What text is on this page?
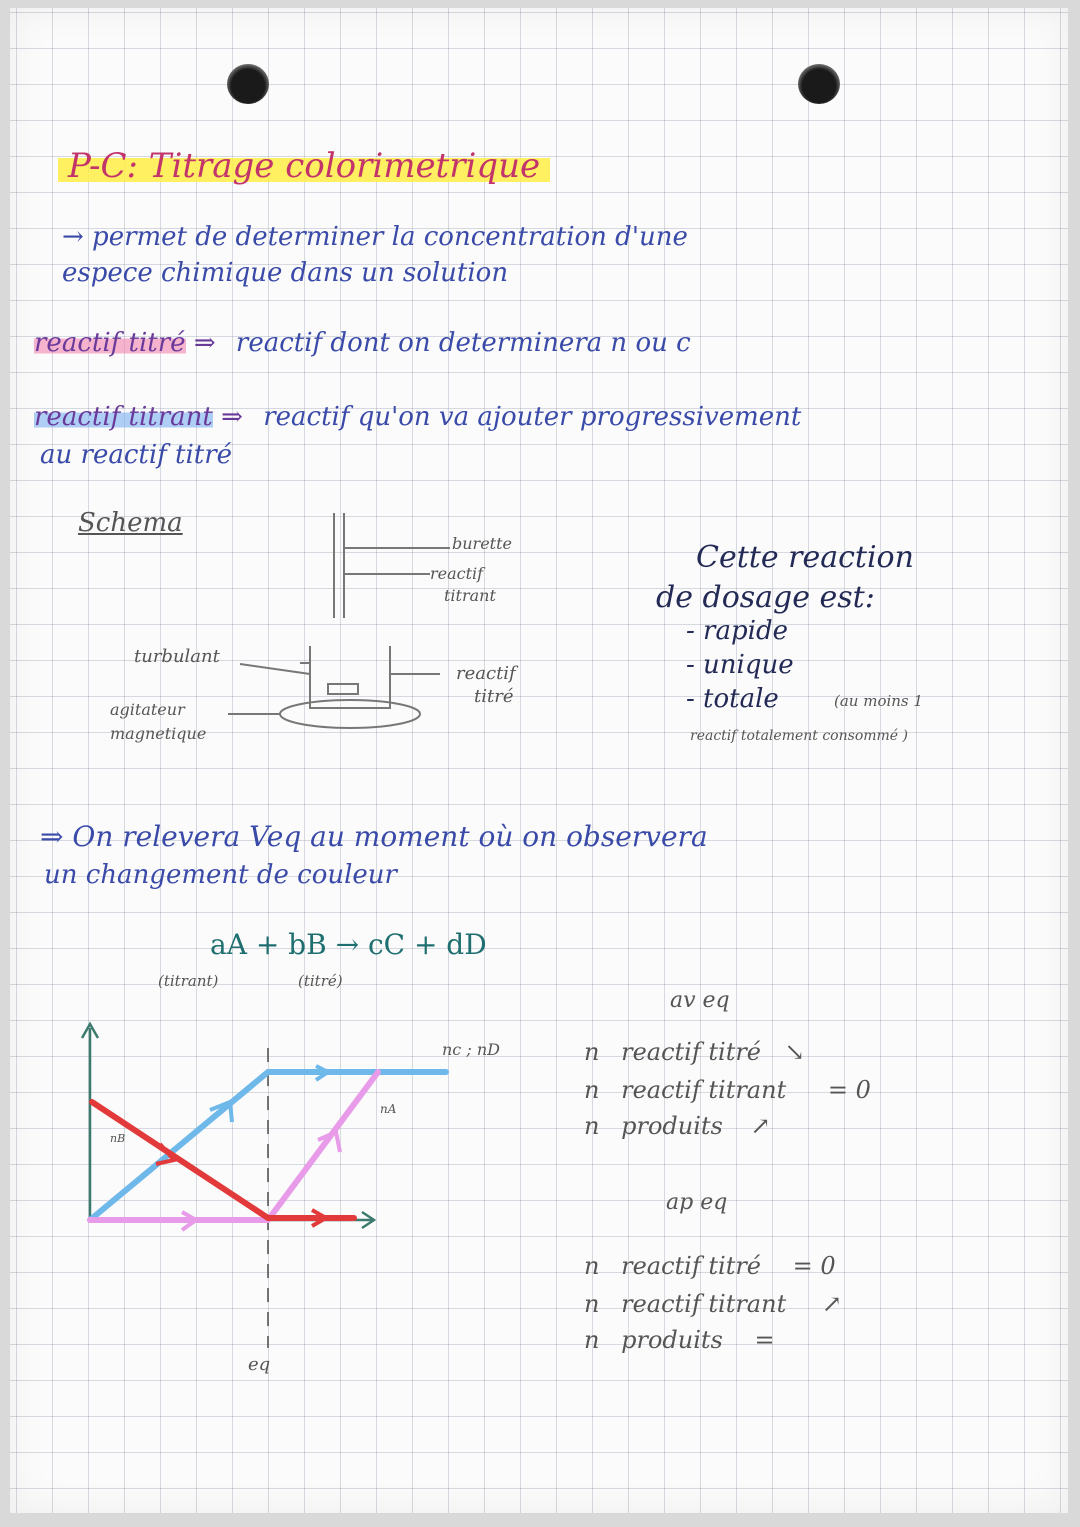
P-C: Titrage colorimetrique
→ permet de determiner la concentration d'une
espece chimique dans un solution
reactif titré ⇒ reactif dont on determinera n ou c
reactif titrant ⇒ reactif qu'on va ajouter progressivement
au reactif titré
Schema
burette
reactif
titrant
turbulant
agitateur
magnetique
reactif
titré
Cette reaction
de dosage est:
- rapide
- unique
- totale	(au moins 1
reactif totalement consommé )
⇒ On relevera Veq au moment où on observera
un changement de couleur
aA + bB → cC + dD
(titrant)	(titré)
nc ; nD
nA
nB
eq
av eq
n reactif titré ↘
n reactif titrant = 0
n produits ↗
ap eq
n reactif titré = 0
n reactif titrant ↗
n produits =
